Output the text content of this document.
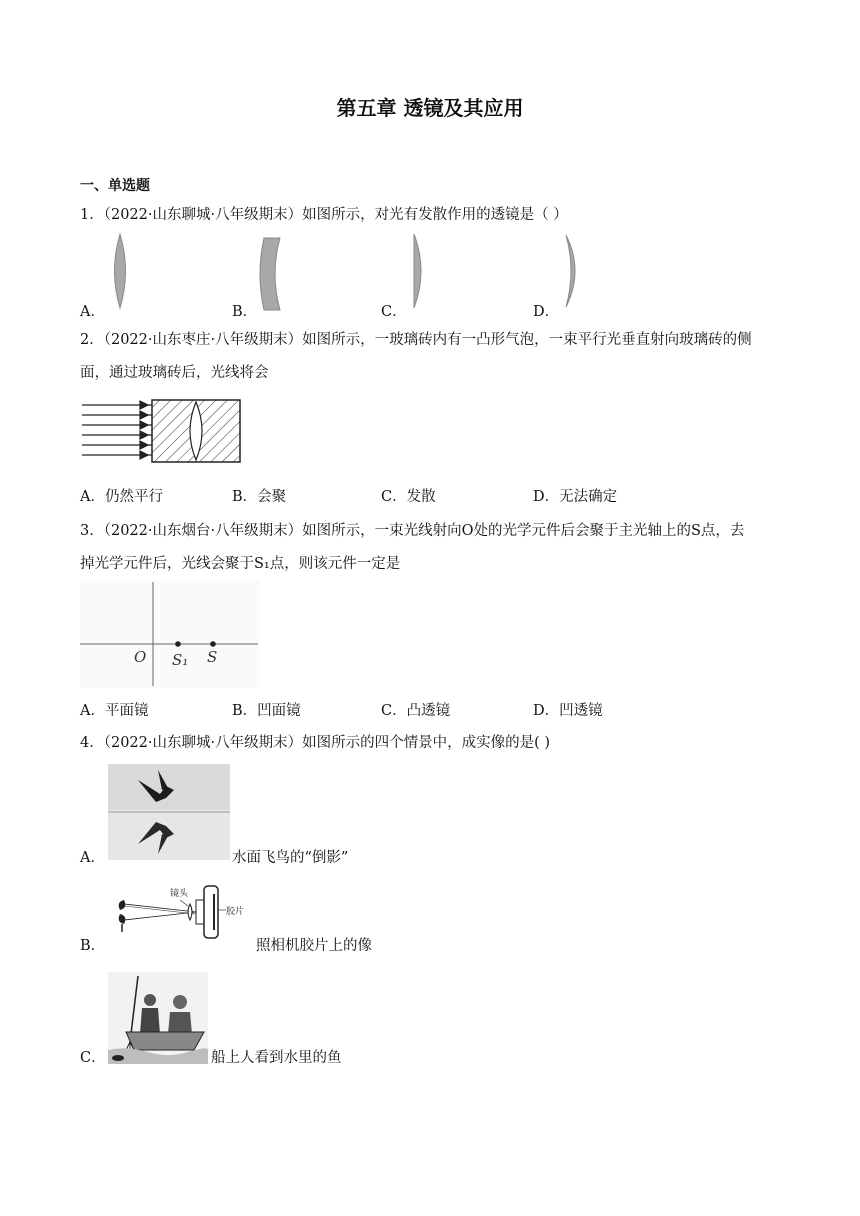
第五章 透镜及其应用
一、单选题
1．（2022·山东聊城·八年级期末）如图所示，对光有发散作用的透镜是（ ）
A．	B．	C．	D．
2．（2022·山东枣庄·八年级期末）如图所示，一玻璃砖内有一凸形气泡，一束平行光垂直射向玻璃砖的侧
面，通过玻璃砖后，光线将会
A．仍然平行	B．会聚	C．发散	D．无法确定
3．（2022·山东烟台·八年级期末）如图所示，一束光线射向O处的光学元件后会聚于主光轴上的S点，去
掉光学元件后，光线会聚于S₁点，则该元件一定是
O S₁ S
A．平面镜	B．凹面镜	C．凸透镜	D．凹透镜
4．（2022·山东聊城·八年级期末）如图所示的四个情景中，成实像的是( )
A．	水面飞鸟的“倒影”
镜头
胶片
B．	照相机胶片上的像
C．	船上人看到水里的鱼
